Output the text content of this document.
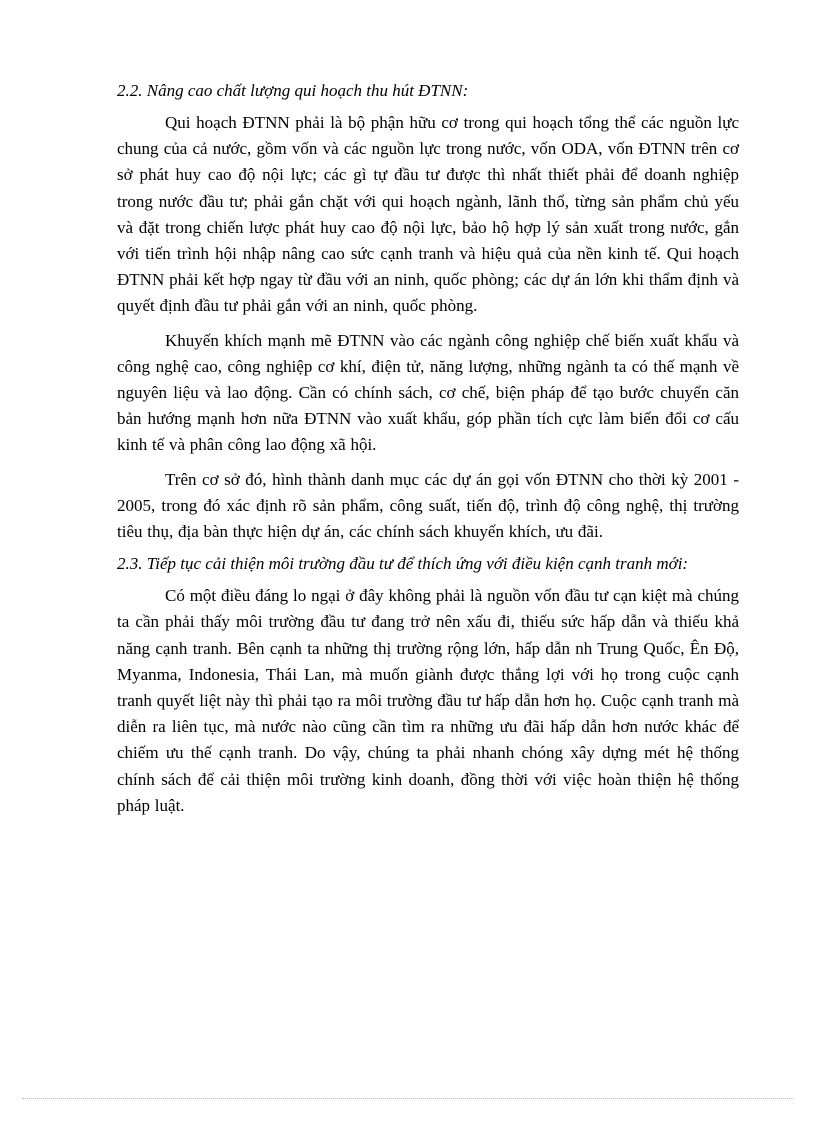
2.2. Nâng cao chất lượng qui hoạch thu hút ĐTNN:

Qui hoạch ĐTNN phải là bộ phận hữu cơ trong qui hoạch tổng thể các nguồn lực chung của cả nước, gồm vốn và các nguồn lực trong nước, vốn ODA, vốn ĐTNN trên cơ sở phát huy cao độ nội lực; các gì tự đầu tư được thì nhất thiết phải để doanh nghiệp trong nước đầu tư; phải gắn chặt với qui hoạch ngành, lãnh thổ, từng sản phẩm chủ yếu và đặt trong chiến lược phát huy cao độ nội lực, bảo hộ hợp lý sản xuất trong nước, gắn với tiến trình hội nhập nâng cao sức cạnh tranh và hiệu quả của nền kinh tế. Qui hoạch ĐTNN phải kết hợp ngay từ đầu với an ninh, quốc phòng; các dự án lớn khi thẩm định và quyết định đầu tư phải gắn với an ninh, quốc phòng.

Khuyến khích mạnh mẽ ĐTNN vào các ngành công nghiệp chế biến xuất khẩu và công nghệ cao, công nghiệp cơ khí, điện tử, năng lượng, những ngành ta có thế mạnh về nguyên liệu và lao động. Cần có chính sách, cơ chế, biện pháp để tạo bước chuyển căn bản hướng mạnh hơn nữa ĐTNN vào xuất khẩu, góp phần tích cực làm biến đổi cơ cấu kinh tế và phân công lao động xã hội.

Trên cơ sở đó, hình thành danh mục các dự án gọi vốn ĐTNN cho thời kỳ 2001 - 2005, trong đó xác định rõ sản phẩm, công suất, tiến độ, trình độ công nghệ, thị trường tiêu thụ, địa bàn thực hiện dự án, các chính sách khuyến khích, ưu đãi.

2.3. Tiếp tục cải thiện môi trường đầu tư để thích ứng với điều kiện cạnh tranh mới:

Có một điều đáng lo ngại ở đây không phải là nguồn vốn đầu tư cạn kiệt mà chúng ta cần phải thấy môi trường đầu tư đang trở nên xấu đi, thiếu sức hấp dẫn và thiếu khả năng cạnh tranh. Bên cạnh ta những thị trường rộng lớn, hấp dẫn nh Trung Quốc, Ên Độ, Myanma, Indonesia, Thái Lan, mà muốn giành được thắng lợi với họ trong cuộc cạnh tranh quyết liệt này thì phải tạo ra môi trường đầu tư hấp dẫn hơn họ. Cuộc cạnh tranh mà diễn ra liên tục, mà nước nào cũng cần tìm ra những ưu đãi hấp dẫn hơn nước khác để chiếm ưu thế cạnh tranh. Do vậy, chúng ta phải nhanh chóng xây dựng mét hệ thống chính sách để cải thiện môi trường kinh doanh, đồng thời với việc hoàn thiện hệ thống pháp luật.
